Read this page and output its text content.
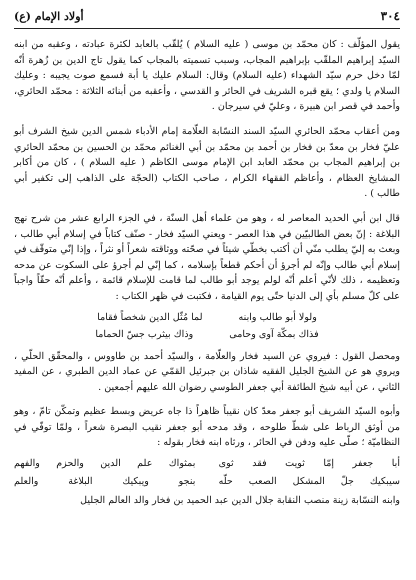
٣٠٤
أولاد الإمام (ع)

يقول المؤلّف : كان محمّد بن موسى ( عليه السلام ) يُلقّب بالعابد لكثرة عبادته ، وعقبه من ابنه السيّد إبراهيم الملقّب بإبراهيم المجاب، وسبب تسميته بالمجاب كما يقول تاج الدين بن زُهرة أنّه لمّا دخل حرم سيّد الشهداء (عليه السلام) وقال: السلام عليك يا أبة فسمع صوت يجيبه : وعليك السلام يا ولدي ؛ يقع قبره الشريف في الحائر و القدسي ، وأعقبه من أبنائه الثلاثة : محمّد الحائري، وأحمد في قصر ابن هبيرة ، وعليّ في سيرجان .

ومن أعقاب محمّد الحائري السيّد السند النسّابة العلّامة إمام الأدباء شمس الدين شيخ الشرف أبو عليّ فخار بن معدّ بن فخار بن أحمد بن محمّد بن أبي الغنائم محمّد بن الحسين بن محمّد الحائري بن إبراهيم المجاب بن محمّد العابد ابن الإمام موسى الكاظم ( عليه السلام ) ، كان من أكابر المشايخ العظام ، وأعاظم الفقهاء الكرام ، صاحب الكتاب (الحجّة على الذاهب إلى تكفير أبي طالب ) .

قال ابن أبي الحديد المعاصر له ، وهو من علماء أهل السنّة ، في الجزء الرابع عشر من شرح نهج البلاغة : إنّ بعض الطالبيّين في هذا العصر - ويعني السيّد فخار - صنّف كتاباً في إسلام أبي طالب ، وبعث به إليّ يطلب منّي أن أكتب بخطّي شيئاً في صحّته ووثاقته شعراً أو نثراً ، وإذا إنّي متوقّف في إسلام أبي طالب وإنّه لم أجرؤ أن أحكم قطعاً بإسلامه ، كما إنّي لم أجرؤ على السكوت عن مدحه وتعظيمه ، ذلك لأنّي أعلم أنّه لولم يوجد أبو طالب لما قامت للإسلام قائمة ، وأعلم أنّه حقّاً واجباً على كلّ مسلم بأي إلى الدنيا حتّى يوم القيامة ، فكتبت في ظهر الكتاب :

ولولا أبو طالب وابنه
لما مُثّل الدين شخصاً فقاما
فذاك بمكّة آوى وحامى
وذاك بيثرب جسّ الحماما

ومحصل القول : فيروي عن السيد فخار والعلّامة ، والسيّد أحمد بن طاووس ، والمحقّق الحلّي ، ويروي هو عن الشيخ الجليل الفقيه شاذان بن جبرئيل القمّي عن عماد الدين الطبري ، عن المفيد الثاني ، عن أبيه شيخ الطائفة أبي جعفر الطوسي رضوان الله عليهم أجمعين .

وأبوه السيّد الشريف أبو جعفر معدّ كان نقيباً ظاهراً ذا جاه عريض وبسط عظيم وتمكّن تامّ ، وهو من أوثق الرباط على شطّ طلوحه ، وقد مدحه أبو جعفر نقيب البصرة شعراً ، ولمّا توفّي في النظاميّة ؛ صلّى عليه ودفن في الحائر ، ورثاه ابنه فخار بقوله :

أبا جعفر إمّا ثويت فقد ثوى
بمثواك علم الدين والحزم والفهم
سيبكيك جلّ المشكل الصعب حلّه
بنجو ويبكيك البلاغة والعلم

وابنه النسّابة زينة منصب النقابة جلال الدين عبد الحميد بن فخار والد العالم الجليل
